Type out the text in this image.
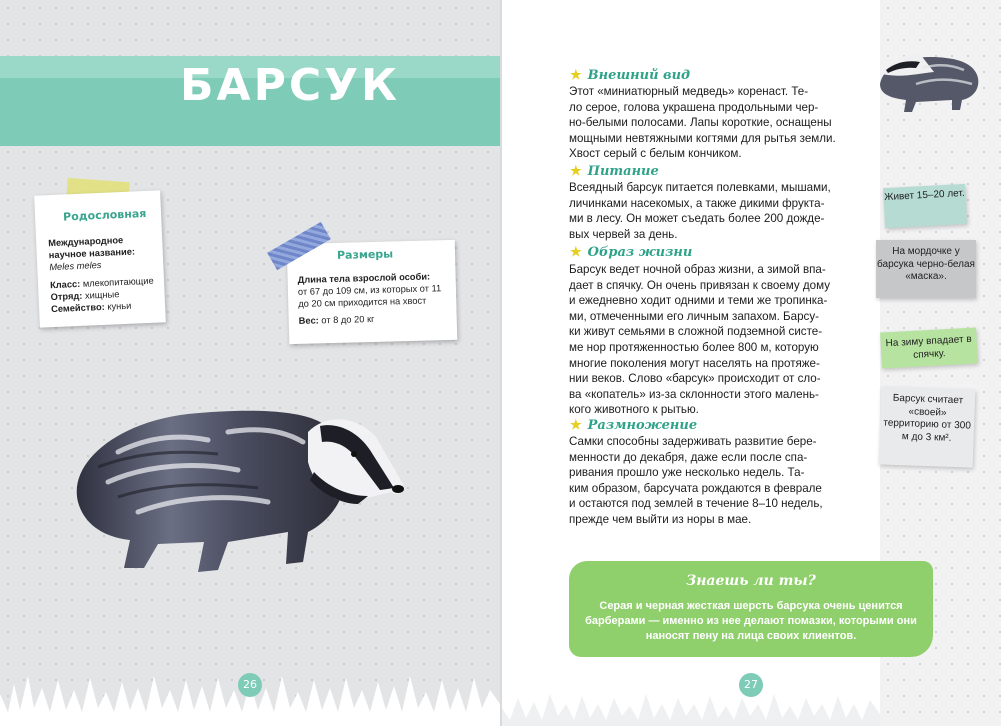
БАРСУК

Родословная

Международное научное название:
Meles meles
Класс: млекопитающие
Отряд: хищные
Семейство: куньи

Размеры

Длина тела взрослой особи:
от 67 до 109 см, из которых от 11 до 20 см приходится на хвост
Вес: от 8 до 20 кг
26

★ Внешний вид

Этот «миниатюрный медведь» коренаст. Те-
ло серое, голова украшена продольными чер-
но-белыми полосами. Лапы короткие, оснащены
мощными невтяжными когтями для рытья земли.
Хвост серый с белым кончиком.

★ Питание

Всеядный барсук питается полевками, мышами,
личинками насекомых, а также дикими фрукта-
ми в лесу. Он может съедать более 200 дожде-
вых червей за день.

★ Образ жизни

Барсук ведет ночной образ жизни, а зимой впа-
дает в спячку. Он очень привязан к своему дому
и ежедневно ходит одними и теми же тропинка-
ми, отмеченными его личным запахом. Барсу-
ки живут семьями в сложной подземной систе-
ме нор протяженностью более 800 м, которую
многие поколения могут населять на протяже-
нии веков. Слово «барсук» происходит от сло-
ва «копатель» из-за склонности этого малень-
кого животного к рытью.

★ Размножение

Самки способны задерживать развитие бере-
менности до декабря, даже если после спа-
ривания прошло уже несколько недель. Та-
ким образом, барсучата рождаются в феврале
и остаются под землей в течение 8–10 недель,
прежде чем выйти из норы в мае.

Знаешь ли ты?

Серая и черная жесткая шерсть барсука очень ценится барберами — именно из нее делают помазки, которыми они наносят пену на лица своих клиентов.

27
Живет 15–20 лет.
На мордочке у барсука черно-белая «маска».
На зиму впадает в спячку.
Барсук считает «своей» территорию от 300 м до 3 км².
